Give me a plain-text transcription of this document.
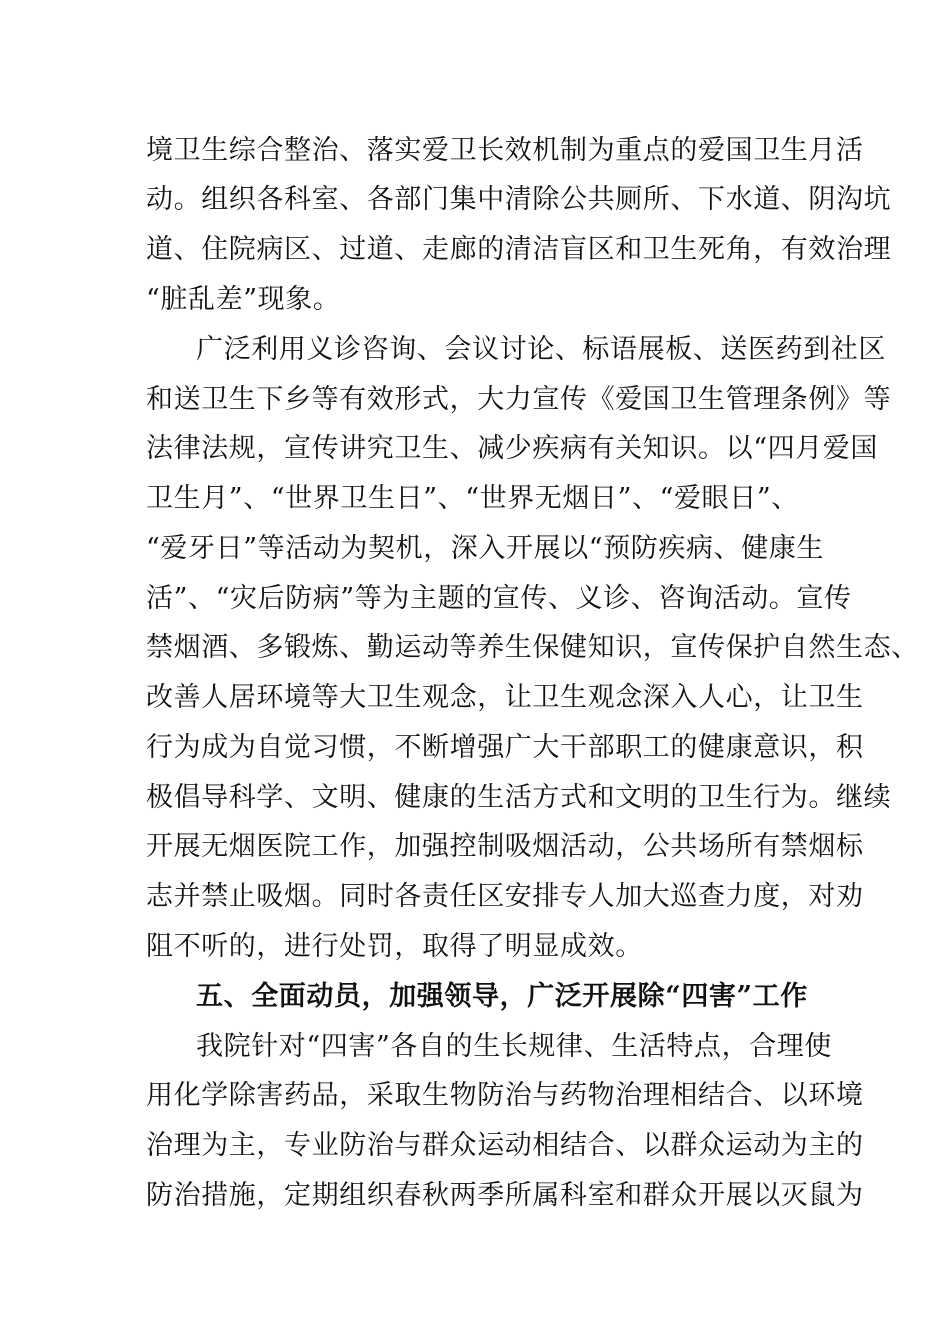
境卫生综合整治、落实爱卫长效机制为重点的爱国卫生月活
动。组织各科室、各部门集中清除公共厕所、下水道、阴沟坑
道、住院病区、过道、走廊的清洁盲区和卫生死角，有效治理
“脏乱差”现象。
广泛利用义诊咨询、会议讨论、标语展板、送医药到社区
和送卫生下乡等有效形式，大力宣传《爱国卫生管理条例》等
法律法规，宣传讲究卫生、减少疾病有关知识。以“四月爱国
卫生月”、“世界卫生日”、“世界无烟日”、“爱眼日”、
“爱牙日”等活动为契机，深入开展以“预防疾病、健康生
活”、“灾后防病”等为主题的宣传、义诊、咨询活动。宣传
禁烟酒、多锻炼、勤运动等养生保健知识，宣传保护自然生态、
改善人居环境等大卫生观念，让卫生观念深入人心，让卫生
行为成为自觉习惯，不断增强广大干部职工的健康意识，积
极倡导科学、文明、健康的生活方式和文明的卫生行为。继续
开展无烟医院工作，加强控制吸烟活动，公共场所有禁烟标
志并禁止吸烟。同时各责任区安排专人加大巡查力度，对劝
阻不听的，进行处罚，取得了明显成效。
五、全面动员，加强领导，广泛开展除“四害”工作
我院针对“四害”各自的生长规律、生活特点，合理使
用化学除害药品，采取生物防治与药物治理相结合、以环境
治理为主，专业防治与群众运动相结合、以群众运动为主的
防治措施，定期组织春秋两季所属科室和群众开展以灭鼠为
